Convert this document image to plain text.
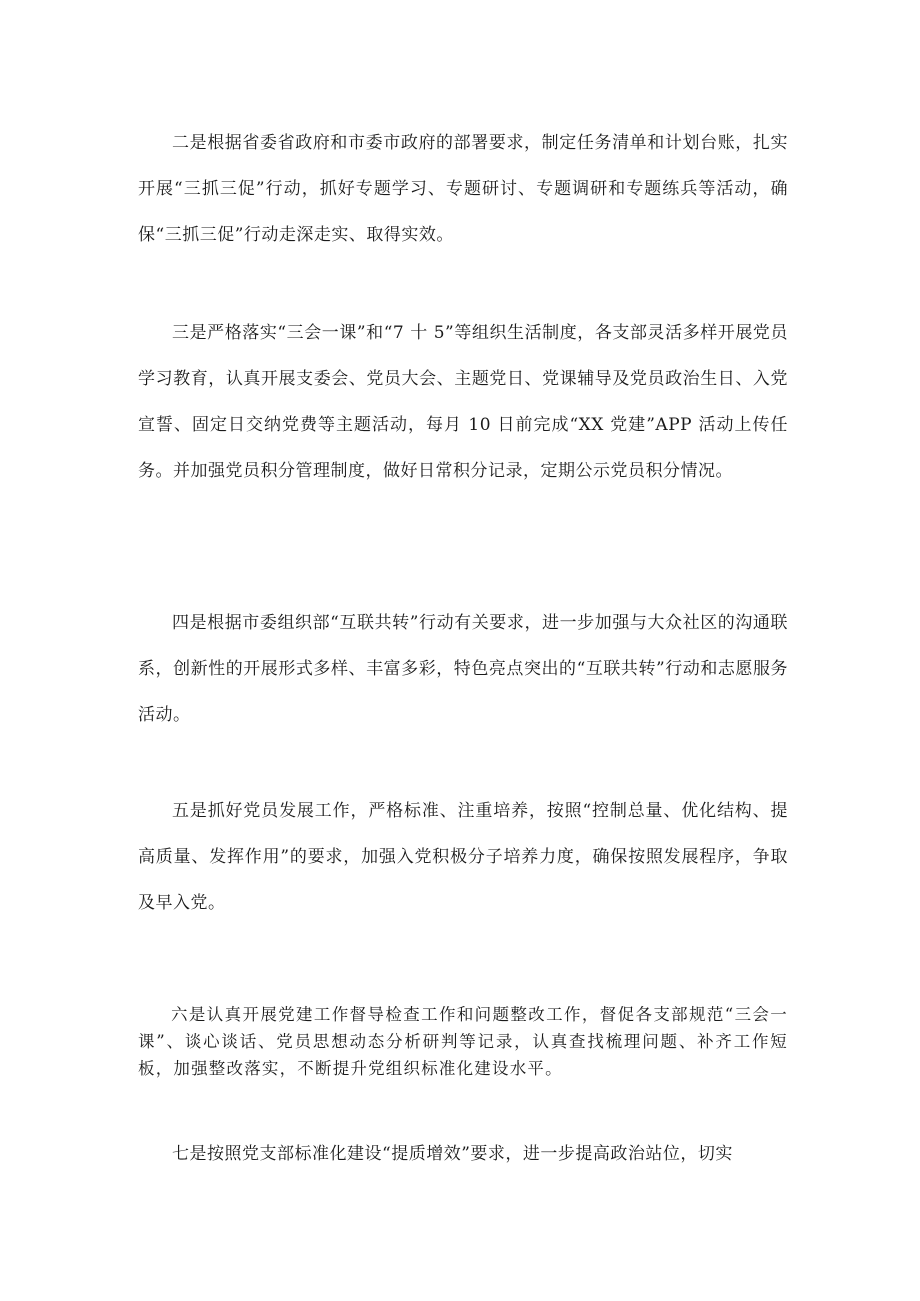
二是根据省委省政府和市委市政府的部署要求，制定任务清单和计划台账，扎实开展“三抓三促”行动，抓好专题学习、专题研讨、专题调研和专题练兵等活动，确保“三抓三促”行动走深走实、取得实效。

三是严格落实“三会一课”和“7 十 5”等组织生活制度，各支部灵活多样开展党员学习教育，认真开展支委会、党员大会、主题党日、党课辅导及党员政治生日、入党宣誓、固定日交纳党费等主题活动，每月 10 日前完成“XX 党建”APP 活动上传任务。并加强党员积分管理制度，做好日常积分记录，定期公示党员积分情况。

四是根据市委组织部“互联共转”行动有关要求，进一步加强与大众社区的沟通联系，创新性的开展形式多样、丰富多彩，特色亮点突出的“互联共转”行动和志愿服务活动。

五是抓好党员发展工作，严格标准、注重培养，按照“控制总量、优化结构、提高质量、发挥作用”的要求，加强入党积极分子培养力度，确保按照发展程序，争取及早入党。

六是认真开展党建工作督导检查工作和问题整改工作，督促各支部规范“三会一课”、谈心谈话、党员思想动态分析研判等记录，认真查找梳理问题、补齐工作短板，加强整改落实，不断提升党组织标准化建设水平。

七是按照党支部标准化建设“提质增效”要求，进一步提高政治站位，切实
